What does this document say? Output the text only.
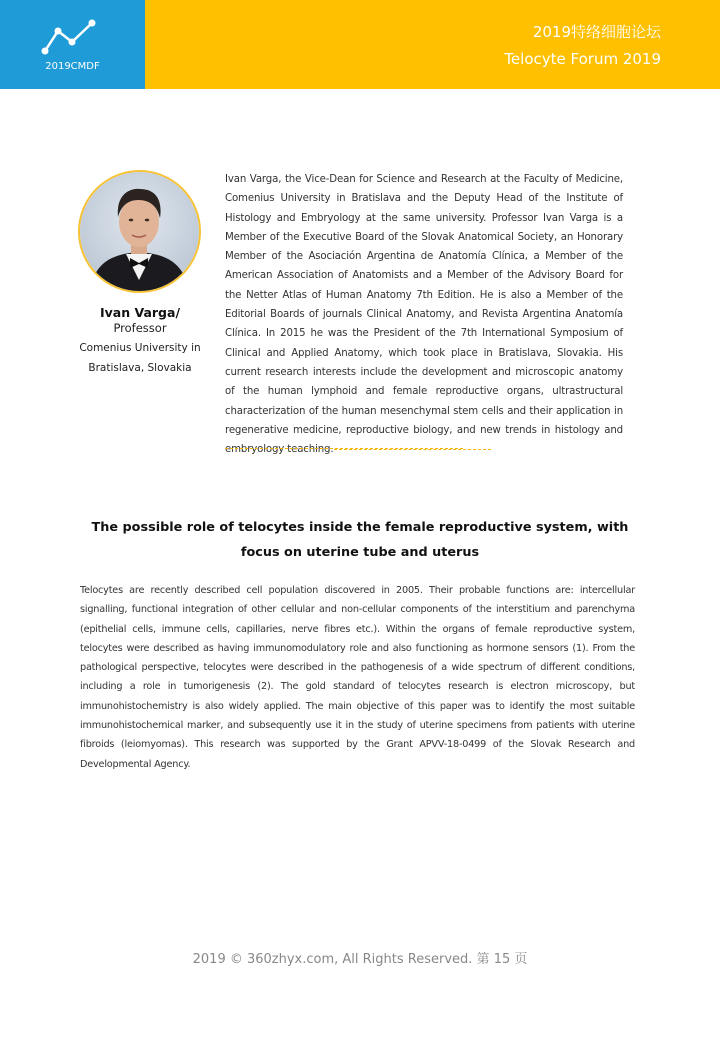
2019CMDF
2019特络细胞论坛
Telocyte Forum 2019
Ivan Varga/
Professor
Comenius University in
Bratislava, Slovakia
Ivan Varga, the Vice-Dean for Science and Research at the Faculty of Medicine, Comenius University in Bratislava and the Deputy Head of the Institute of Histology and Embryology at the same university. Professor Ivan Varga is a Member of the Executive Board of the Slovak Anatomical Society, an Honorary Member of the Asociación Argentina de Anatomía Clínica, a Member of the American Association of Anatomists and a Member of the Advisory Board for the Netter Atlas of Human Anatomy 7th Edition. He is also a Member of the Editorial Boards of journals Clinical Anatomy, and Revista Argentina Anatomía Clínica. In 2015 he was the President of the 7th International Symposium of Clinical and Applied Anatomy, which took place in Bratislava, Slovakia. His current research interests include the development and microscopic anatomy of the human lymphoid and female reproductive organs, ultrastructural characterization of the human mesenchymal stem cells and their application in regenerative medicine, reproductive biology, and new trends in histology and embryology teaching.
The possible role of telocytes inside the female reproductive system, with focus on uterine tube and uterus
Telocytes are recently described cell population discovered in 2005. Their probable functions are: intercellular signalling, functional integration of other cellular and non-cellular components of the interstitium and parenchyma (epithelial cells, immune cells, capillaries, nerve fibres etc.). Within the organs of female reproductive system, telocytes were described as having immunomodulatory role and also functioning as hormone sensors (1). From the pathological perspective, telocytes were described in the pathogenesis of a wide spectrum of different conditions, including a role in tumorigenesis (2). The gold standard of telocytes research is electron microscopy, but immunohistochemistry is also widely applied. The main objective of this paper was to identify the most suitable immunohistochemical marker, and subsequently use it in the study of uterine specimens from patients with uterine fibroids (leiomyomas). This research was supported by the Grant APVV-18-0499 of the Slovak Research and Developmental Agency.
2019 © 360zhyx.com, All Rights Reserved. 第 15 页
